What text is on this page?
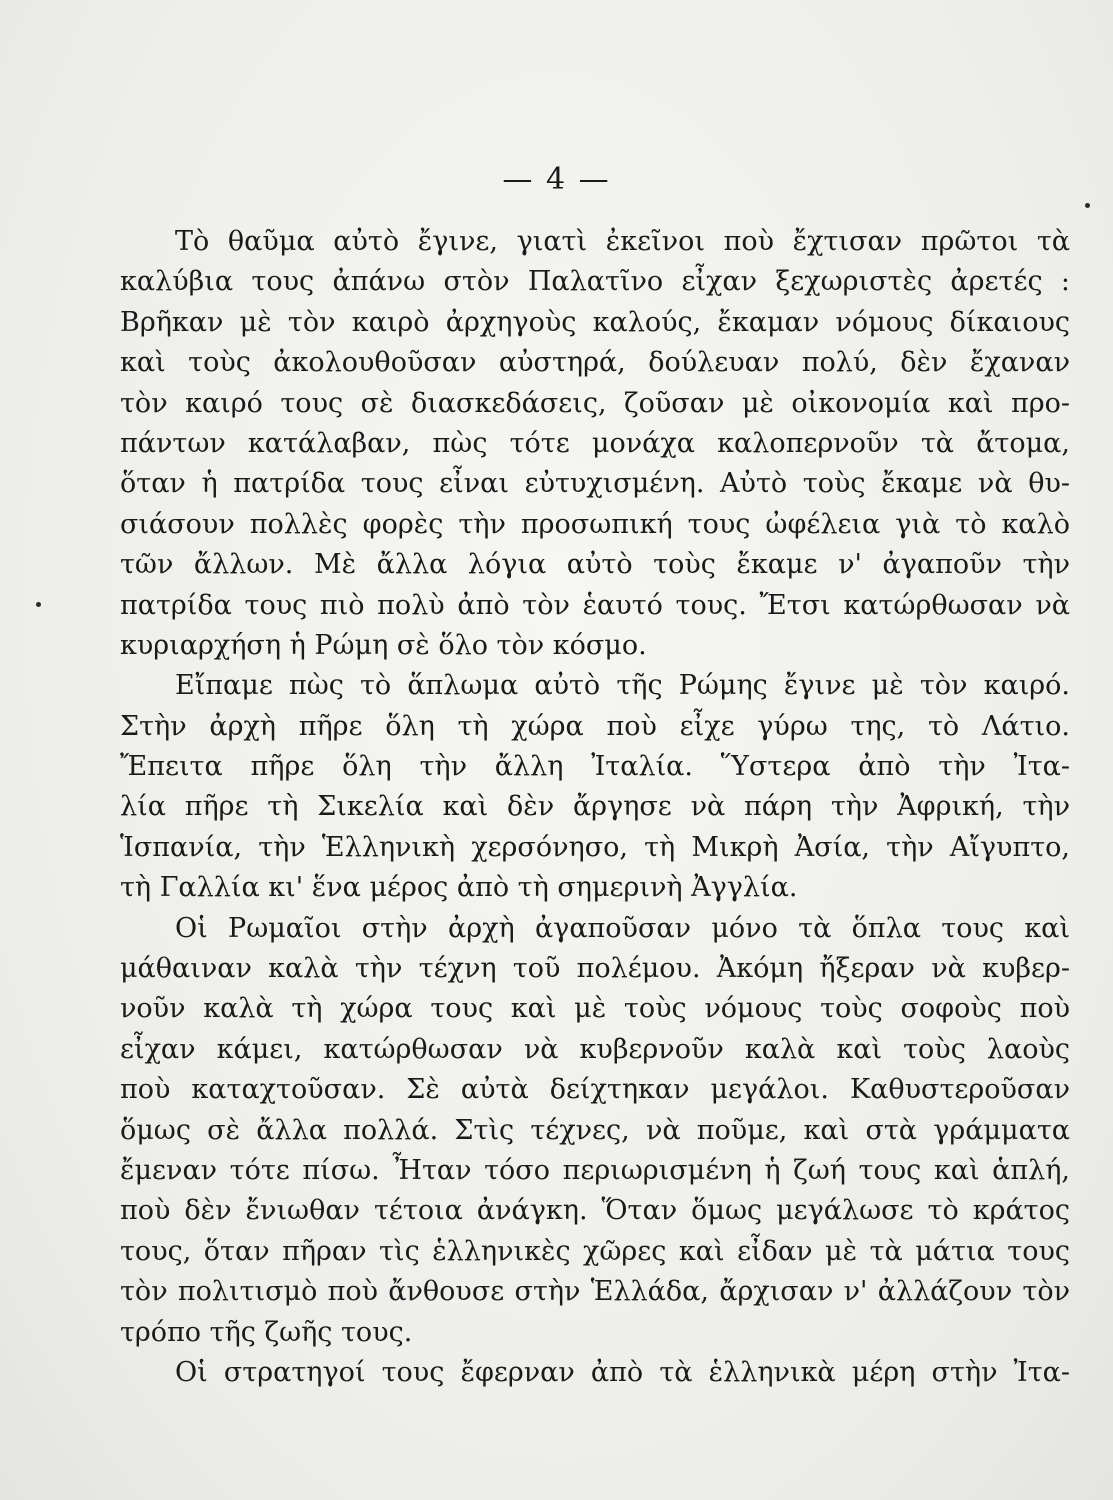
— 4 —
Τὸ θαῦμα αὐτὸ ἔγινε, γιατὶ ἐκεῖνοι ποὺ ἔχτισαν πρῶτοι τὰ
καλύβια τους ἀπάνω στὸν Παλατῖνο εἶχαν ξεχωριστὲς ἀρετές :
Βρῆκαν μὲ τὸν καιρὸ ἀρχηγοὺς καλούς, ἔκαμαν νόμους δίκαιους
καὶ τοὺς ἀκολουθοῦσαν αὐστηρά, δούλευαν πολύ, δὲν ἔχαναν
τὸν καιρό τους σὲ διασκεδάσεις, ζοῦσαν μὲ οἰκονομία καὶ προ-
πάντων κατάλαβαν, πὼς τότε μονάχα καλοπερνοῦν τὰ ἄτομα,
ὅταν ἡ πατρίδα τους εἶναι εὐτυχισμένη. Αὐτὸ τοὺς ἔκαμε νὰ θυ-
σιάσουν πολλὲς φορὲς τὴν προσωπική τους ὠφέλεια γιὰ τὸ καλὸ
τῶν ἄλλων. Μὲ ἄλλα λόγια αὐτὸ τοὺς ἔκαμε ν' ἀγαποῦν τὴν
πατρίδα τους πιὸ πολὺ ἀπὸ τὸν ἑαυτό τους. Ἔτσι κατώρθωσαν νὰ
κυριαρχήση ἡ Ρώμη σὲ ὅλο τὸν κόσμο.
Εἴπαμε πὼς τὸ ἅπλωμα αὐτὸ τῆς Ρώμης ἔγινε μὲ τὸν καιρό.
Στὴν ἀρχὴ πῆρε ὅλη τὴ χώρα ποὺ εἶχε γύρω της, τὸ Λάτιο.
Ἔπειτα πῆρε ὅλη τὴν ἄλλη Ἰταλία. Ὕστερα ἀπὸ τὴν Ἰτα-
λία πῆρε τὴ Σικελία καὶ δὲν ἄργησε νὰ πάρη τὴν Ἀφρική, τὴν
Ἱσπανία, τὴν Ἑλληνικὴ χερσόνησο, τὴ Μικρὴ Ἀσία, τὴν Αἴγυπτο,
τὴ Γαλλία κι' ἕνα μέρος ἀπὸ τὴ σημερινὴ Ἀγγλία.
Οἱ Ρωμαῖοι στὴν ἀρχὴ ἀγαποῦσαν μόνο τὰ ὅπλα τους καὶ
μάθαιναν καλὰ τὴν τέχνη τοῦ πολέμου. Ἀκόμη ἤξεραν νὰ κυβερ-
νοῦν καλὰ τὴ χώρα τους καὶ μὲ τοὺς νόμους τοὺς σοφοὺς ποὺ
εἶχαν κάμει, κατώρθωσαν νὰ κυβερνοῦν καλὰ καὶ τοὺς λαοὺς
ποὺ καταχτοῦσαν. Σὲ αὐτὰ δείχτηκαν μεγάλοι. Καθυστεροῦσαν
ὅμως σὲ ἄλλα πολλά. Στὶς τέχνες, νὰ ποῦμε, καὶ στὰ γράμματα
ἔμεναν τότε πίσω. Ἦταν τόσο περιωρισμένη ἡ ζωή τους καὶ ἁπλή,
ποὺ δὲν ἔνιωθαν τέτοια ἀνάγκη. Ὅταν ὅμως μεγάλωσε τὸ κράτος
τους, ὅταν πῆραν τὶς ἑλληνικὲς χῶρες καὶ εἶδαν μὲ τὰ μάτια τους
τὸν πολιτισμὸ ποὺ ἄνθουσε στὴν Ἑλλάδα, ἄρχισαν ν' ἀλλάζουν τὸν
τρόπο τῆς ζωῆς τους.
Οἱ στρατηγοί τους ἔφερναν ἀπὸ τὰ ἑλληνικὰ μέρη στὴν Ἰτα-
